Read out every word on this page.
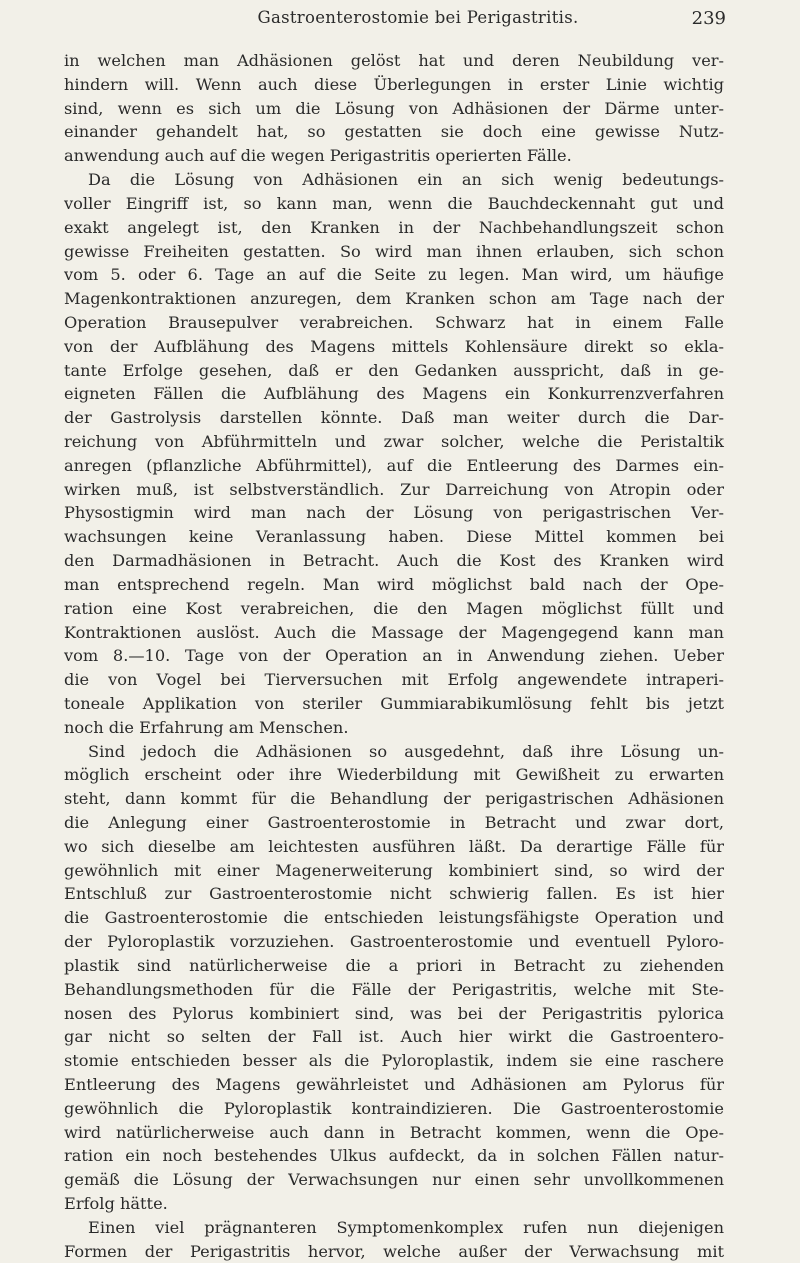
Gastroenterostomie bei Perigastritis.	239
in welchen man Adhäsionen gelöst hat und deren Neubildung ver-
hindern will. Wenn auch diese Überlegungen in erster Linie wichtig
sind, wenn es sich um die Lösung von Adhäsionen der Därme unter-
einander gehandelt hat, so gestatten sie doch eine gewisse Nutz-
anwendung auch auf die wegen Perigastritis operierten Fälle.
Da die Lösung von Adhäsionen ein an sich wenig bedeutungs-
voller Eingriff ist, so kann man, wenn die Bauchdeckennaht gut und
exakt angelegt ist, den Kranken in der Nachbehandlungszeit schon
gewisse Freiheiten gestatten. So wird man ihnen erlauben, sich schon
vom 5. oder 6. Tage an auf die Seite zu legen. Man wird, um häufige
Magenkontraktionen anzuregen, dem Kranken schon am Tage nach der
Operation Brausepulver verabreichen. Schwarz hat in einem Falle
von der Aufblähung des Magens mittels Kohlensäure direkt so ekla-
tante Erfolge gesehen, daß er den Gedanken ausspricht, daß in ge-
eigneten Fällen die Aufblähung des Magens ein Konkurrenzverfahren
der Gastrolysis darstellen könnte. Daß man weiter durch die Dar-
reichung von Abführmitteln und zwar solcher, welche die Peristaltik
anregen (pflanzliche Abführmittel), auf die Entleerung des Darmes ein-
wirken muß, ist selbstverständlich. Zur Darreichung von Atropin oder
Physostigmin wird man nach der Lösung von perigastrischen Ver-
wachsungen keine Veranlassung haben. Diese Mittel kommen bei
den Darmadhäsionen in Betracht. Auch die Kost des Kranken wird
man entsprechend regeln. Man wird möglichst bald nach der Ope-
ration eine Kost verabreichen, die den Magen möglichst füllt und
Kontraktionen auslöst. Auch die Massage der Magengegend kann man
vom 8.—10. Tage von der Operation an in Anwendung ziehen. Ueber
die von Vogel bei Tierversuchen mit Erfolg angewendete intraperi-
toneale Applikation von steriler Gummiarabikumlösung fehlt bis jetzt
noch die Erfahrung am Menschen.
Sind jedoch die Adhäsionen so ausgedehnt, daß ihre Lösung un-
möglich erscheint oder ihre Wiederbildung mit Gewißheit zu erwarten
steht, dann kommt für die Behandlung der perigastrischen Adhäsionen
die Anlegung einer Gastroenterostomie in Betracht und zwar dort,
wo sich dieselbe am leichtesten ausführen läßt. Da derartige Fälle für
gewöhnlich mit einer Magenerweiterung kombiniert sind, so wird der
Entschluß zur Gastroenterostomie nicht schwierig fallen. Es ist hier
die Gastroenterostomie die entschieden leistungsfähigste Operation und
der Pyloroplastik vorzuziehen. Gastroenterostomie und eventuell Pyloro-
plastik sind natürlicherweise die a priori in Betracht zu ziehenden
Behandlungsmethoden für die Fälle der Perigastritis, welche mit Ste-
nosen des Pylorus kombiniert sind, was bei der Perigastritis pylorica
gar nicht so selten der Fall ist. Auch hier wirkt die Gastroentero-
stomie entschieden besser als die Pyloroplastik, indem sie eine raschere
Entleerung des Magens gewährleistet und Adhäsionen am Pylorus für
gewöhnlich die Pyloroplastik kontraindizieren. Die Gastroenterostomie
wird natürlicherweise auch dann in Betracht kommen, wenn die Ope-
ration ein noch bestehendes Ulkus aufdeckt, da in solchen Fällen natur-
gemäß die Lösung der Verwachsungen nur einen sehr unvollkommenen
Erfolg hätte.
Einen viel prägnanteren Symptomenkomplex rufen nun diejenigen
Formen der Perigastritis hervor, welche außer der Verwachsung mit
